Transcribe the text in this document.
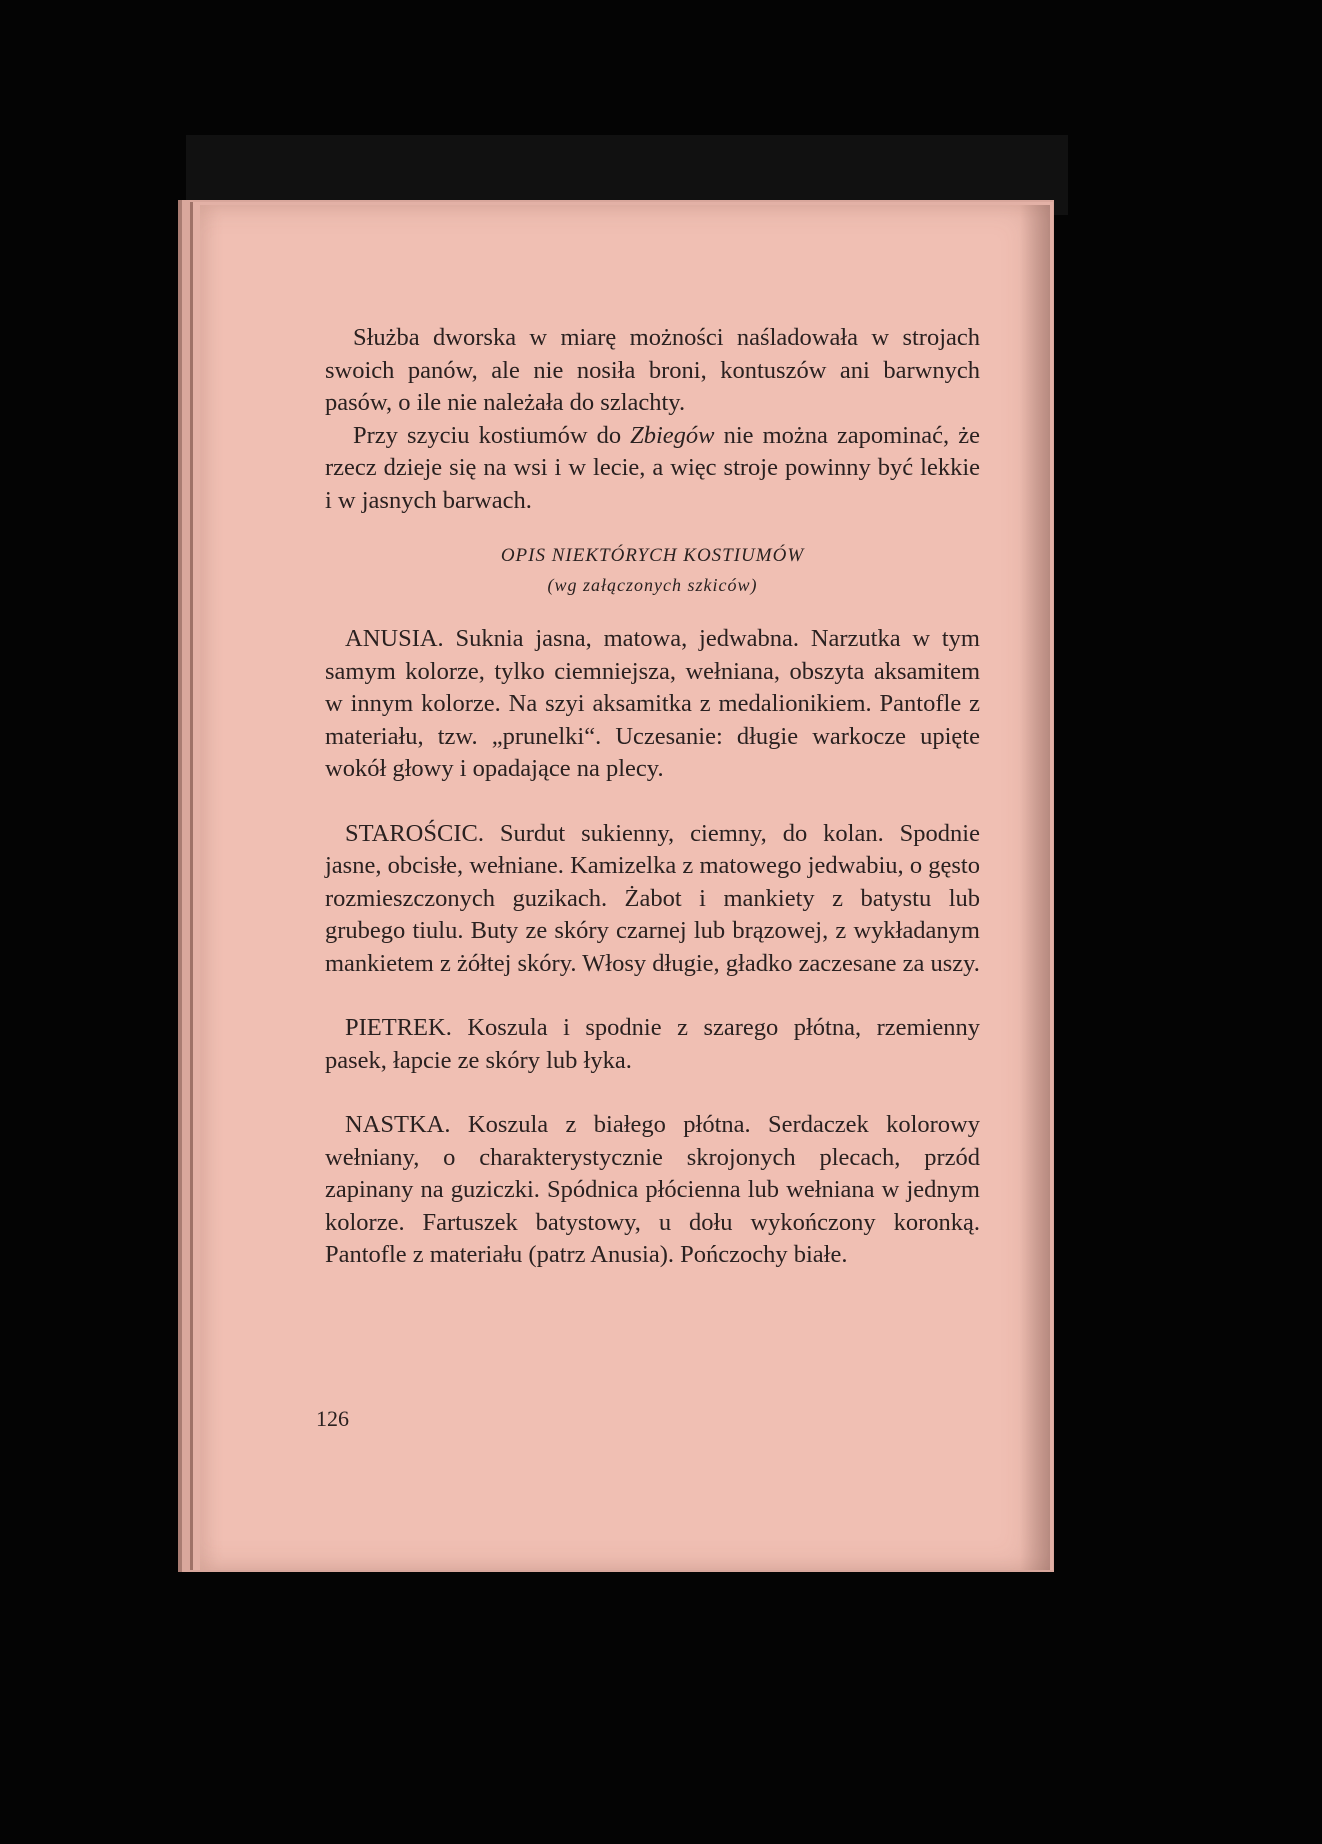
Służba dworska w miarę możności naśladowała w strojach swoich panów, ale nie nosiła broni, kontuszów ani barwnych pasów, o ile nie należała do szlachty.

Przy szyciu kostiumów do Zbiegów nie można zapominać, że rzecz dzieje się na wsi i w lecie, a więc stroje powinny być lekkie i w jasnych barwach.

OPIS NIEKTÓRYCH KOSTIUMÓW
(wg załączonych szkiców)

ANUSIA. Suknia jasna, matowa, jedwabna. Narzutka w tym samym kolorze, tylko ciemniejsza, wełniana, obszyta aksamitem w innym kolorze. Na szyi aksamitka z medalionikiem. Pantofle z materiału, tzw. „prunelki“. Uczesanie: długie warkocze upięte wokół głowy i opadające na plecy.

STAROŚCIC. Surdut sukienny, ciemny, do kolan. Spodnie jasne, obcisłe, wełniane. Kamizelka z matowego jedwabiu, o gęsto rozmieszczonych guzikach. Żabot i mankiety z batystu lub grubego tiulu. Buty ze skóry czarnej lub brązowej, z wykładanym mankietem z żółtej skóry. Włosy długie, gładko zaczesane za uszy.

PIETREK. Koszula i spodnie z szarego płótna, rzemienny pasek, łapcie ze skóry lub łyka.

NASTKA. Koszula z białego płótna. Serdaczek kolorowy wełniany, o charakterystycznie skrojonych plecach, przód zapinany na guziczki. Spódnica płócienna lub wełniana w jednym kolorze. Fartuszek batystowy, u dołu wykończony koronką. Pantofle z materiału (patrz Anusia). Pończochy białe.

126
